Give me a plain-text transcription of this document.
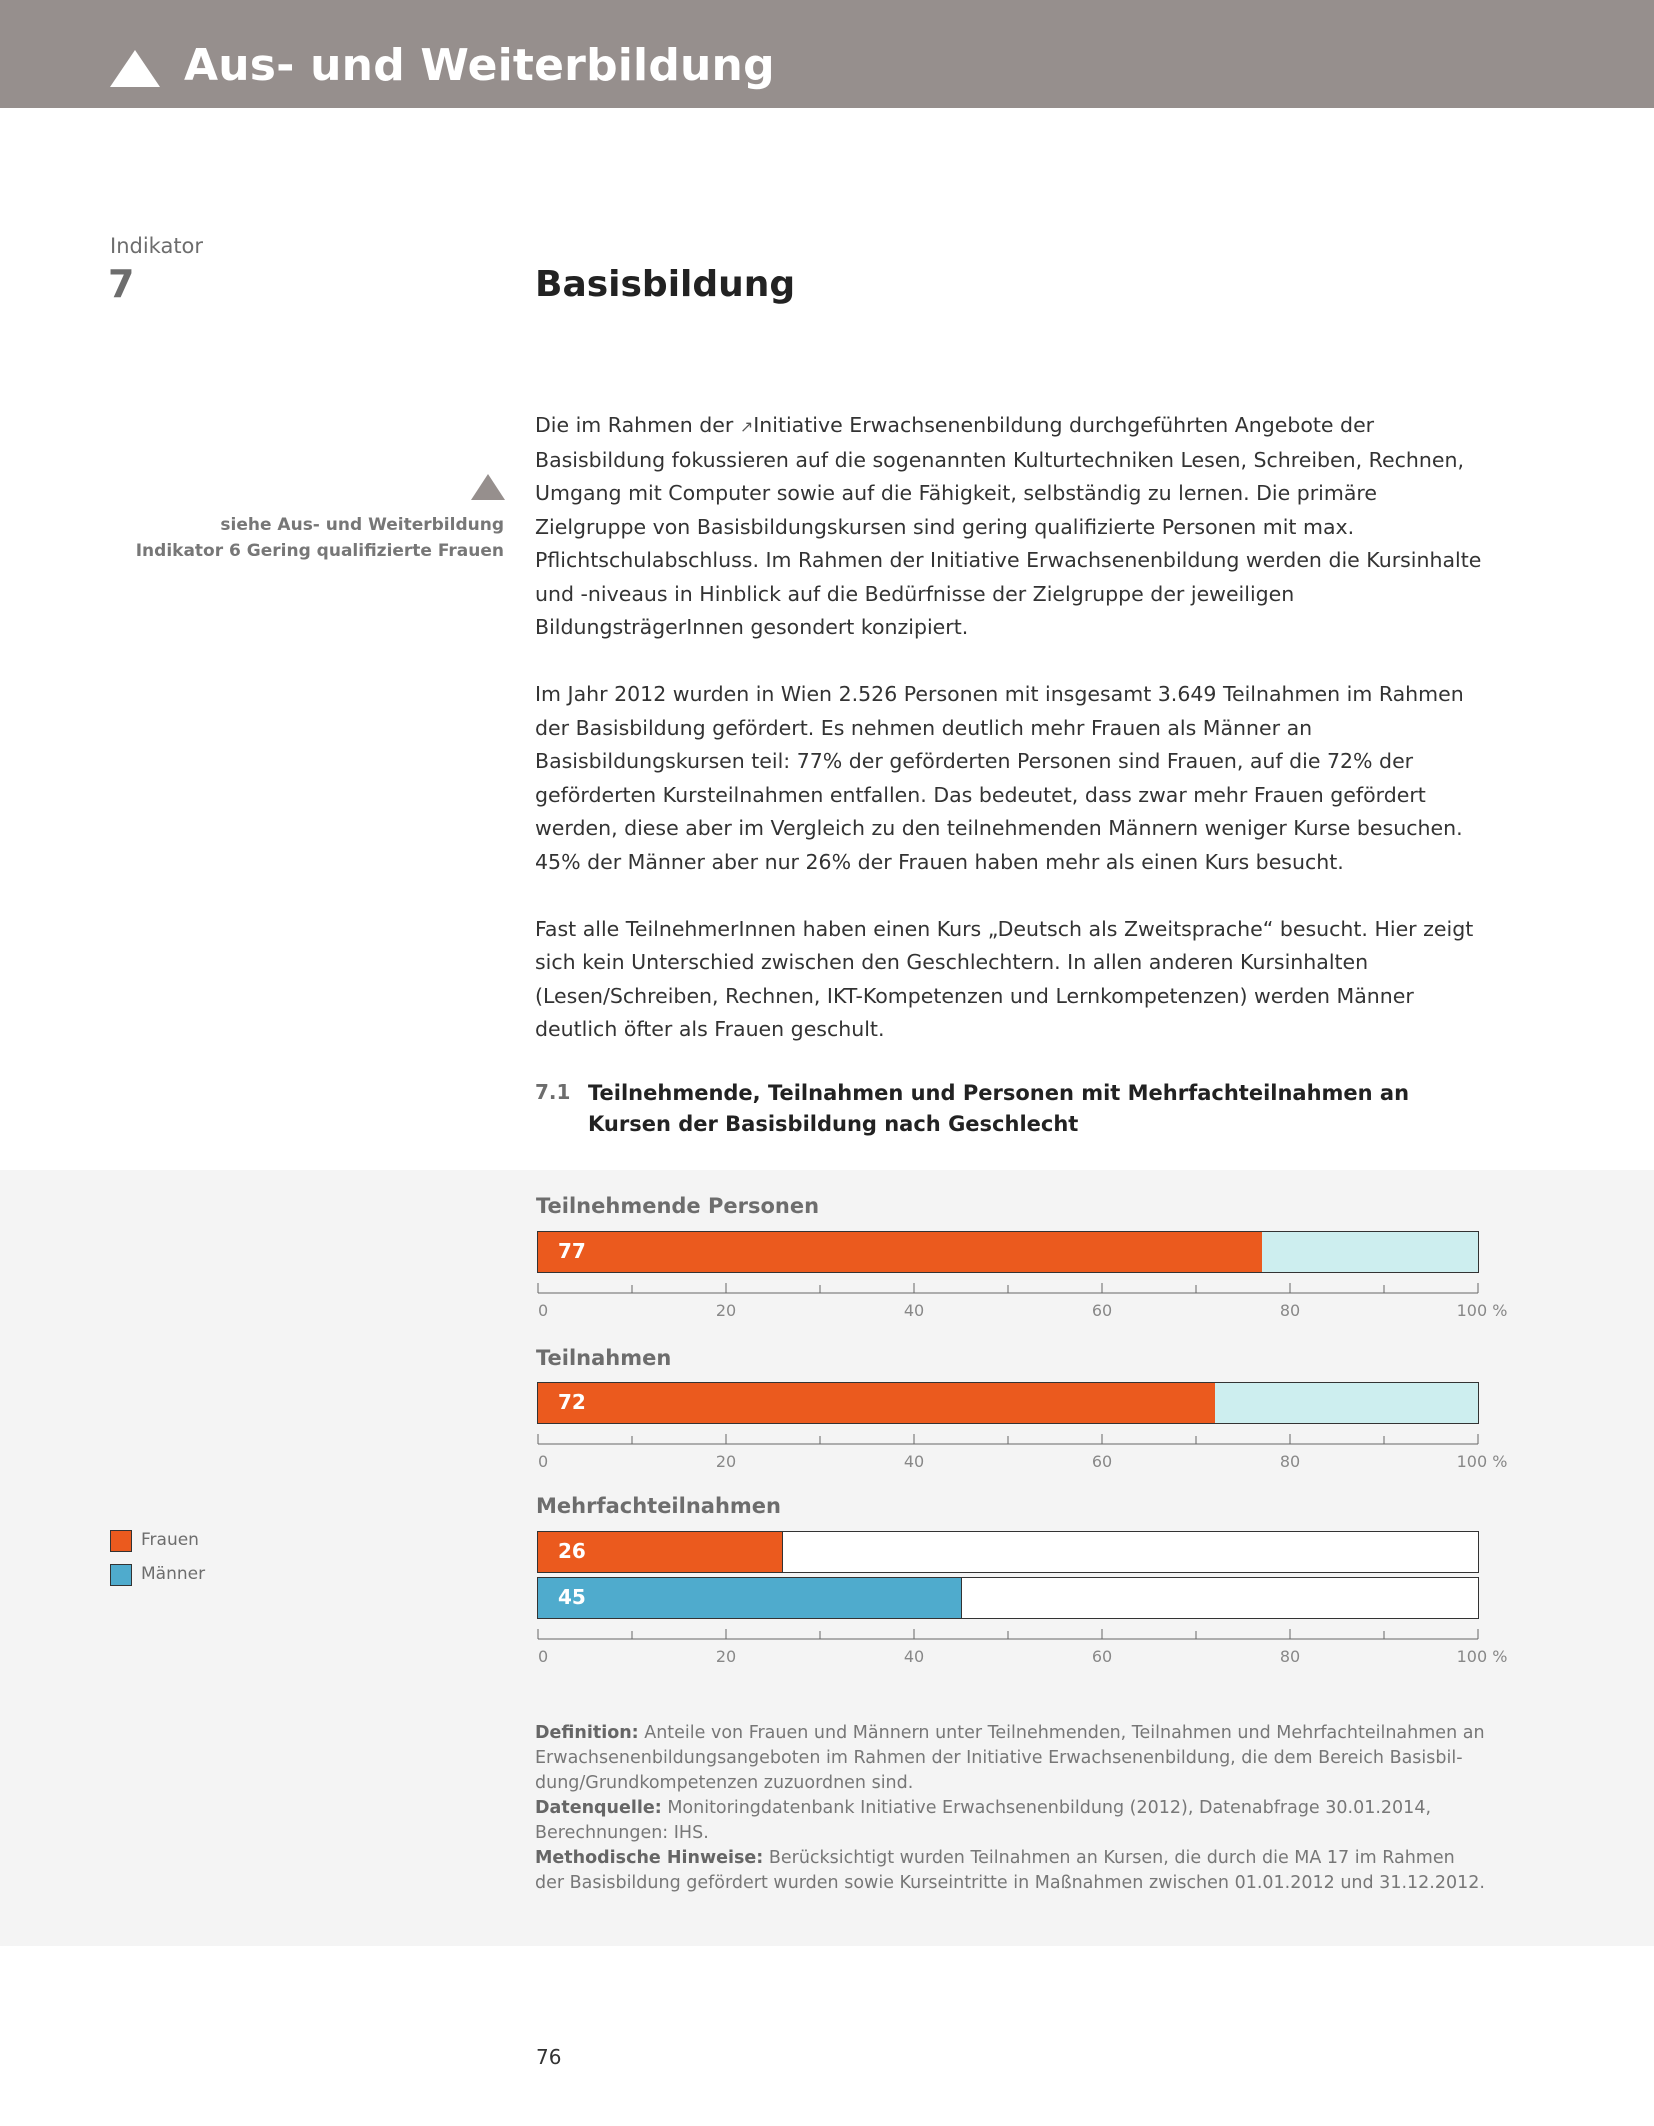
Aus- und Weiterbildung
Indikator
7	Basisbildung
siehe Aus- und Weiterbildung
Indikator 6 Gering qualifizierte Frauen

Die im Rahmen der ↗Initiative Erwachsenenbildung durchgeführten Angebote der Basisbildung fokussieren auf die sogenannten Kulturtechniken Lesen, Schreiben, Rechnen, Umgang mit Computer sowie auf die Fähigkeit, selbständig zu lernen. Die primäre Zielgruppe von Basisbildungskursen sind gering qualifizierte Personen mit max. Pflichtschulabschluss. Im Rahmen der Initiative Erwachsenenbildung werden die Kursinhalte und -niveaus in Hinblick auf die Bedürfnisse der Zielgruppe der jeweiligen BildungsträgerInnen gesondert konzipiert.

Im Jahr 2012 wurden in Wien 2.526 Personen mit insgesamt 3.649 Teilnahmen im Rahmen der Basisbildung gefördert. Es nehmen deutlich mehr Frauen als Männer an Basisbildungskursen teil: 77% der geförderten Personen sind Frauen, auf die 72% der geförderten Kursteilnahmen entfallen. Das bedeutet, dass zwar mehr Frauen gefördert werden, diese aber im Vergleich zu den teilnehmenden Männern weniger Kurse besuchen. 45% der Männer aber nur 26% der Frauen haben mehr als einen Kurs besucht.

Fast alle TeilnehmerInnen haben einen Kurs „Deutsch als Zweitsprache“ besucht. Hier zeigt sich kein Unterschied zwischen den Geschlechtern. In allen anderen Kursinhalten (Lesen/Schreiben, Rechnen, IKT-Kompetenzen und Lernkompetenzen) werden Männer deutlich öfter als Frauen geschult.

7.1 Teilnehmende, Teilnahmen und Personen mit Mehrfachteilnahmen an Kursen der Basisbildung nach Geschlecht
Teilnehmende Personen
77
0	20	40	60	80	100 %
Teilnahmen
72
0	20	40	60	80	100 %
Mehrfachteilnahmen
26
45
0	20	40	60	80	100 %
Frauen
Männer

Definition: Anteile von Frauen und Männern unter Teilnehmenden, Teilnahmen und Mehrfachteilnahmen an Erwachsenenbildungsangeboten im Rahmen der Initiative Erwachsenenbildung, die dem Bereich Basisbildung/Grundkompetenzen zuzuordnen sind.

Datenquelle: Monitoringdatenbank Initiative Erwachsenenbildung (2012), Datenabfrage 30.01.2014, Berechnungen: IHS.

Methodische Hinweise: Berücksichtigt wurden Teilnahmen an Kursen, die durch die MA 17 im Rahmen der Basisbildung gefördert wurden sowie Kurseintritte in Maßnahmen zwischen 01.01.2012 und 31.12.2012.

76
